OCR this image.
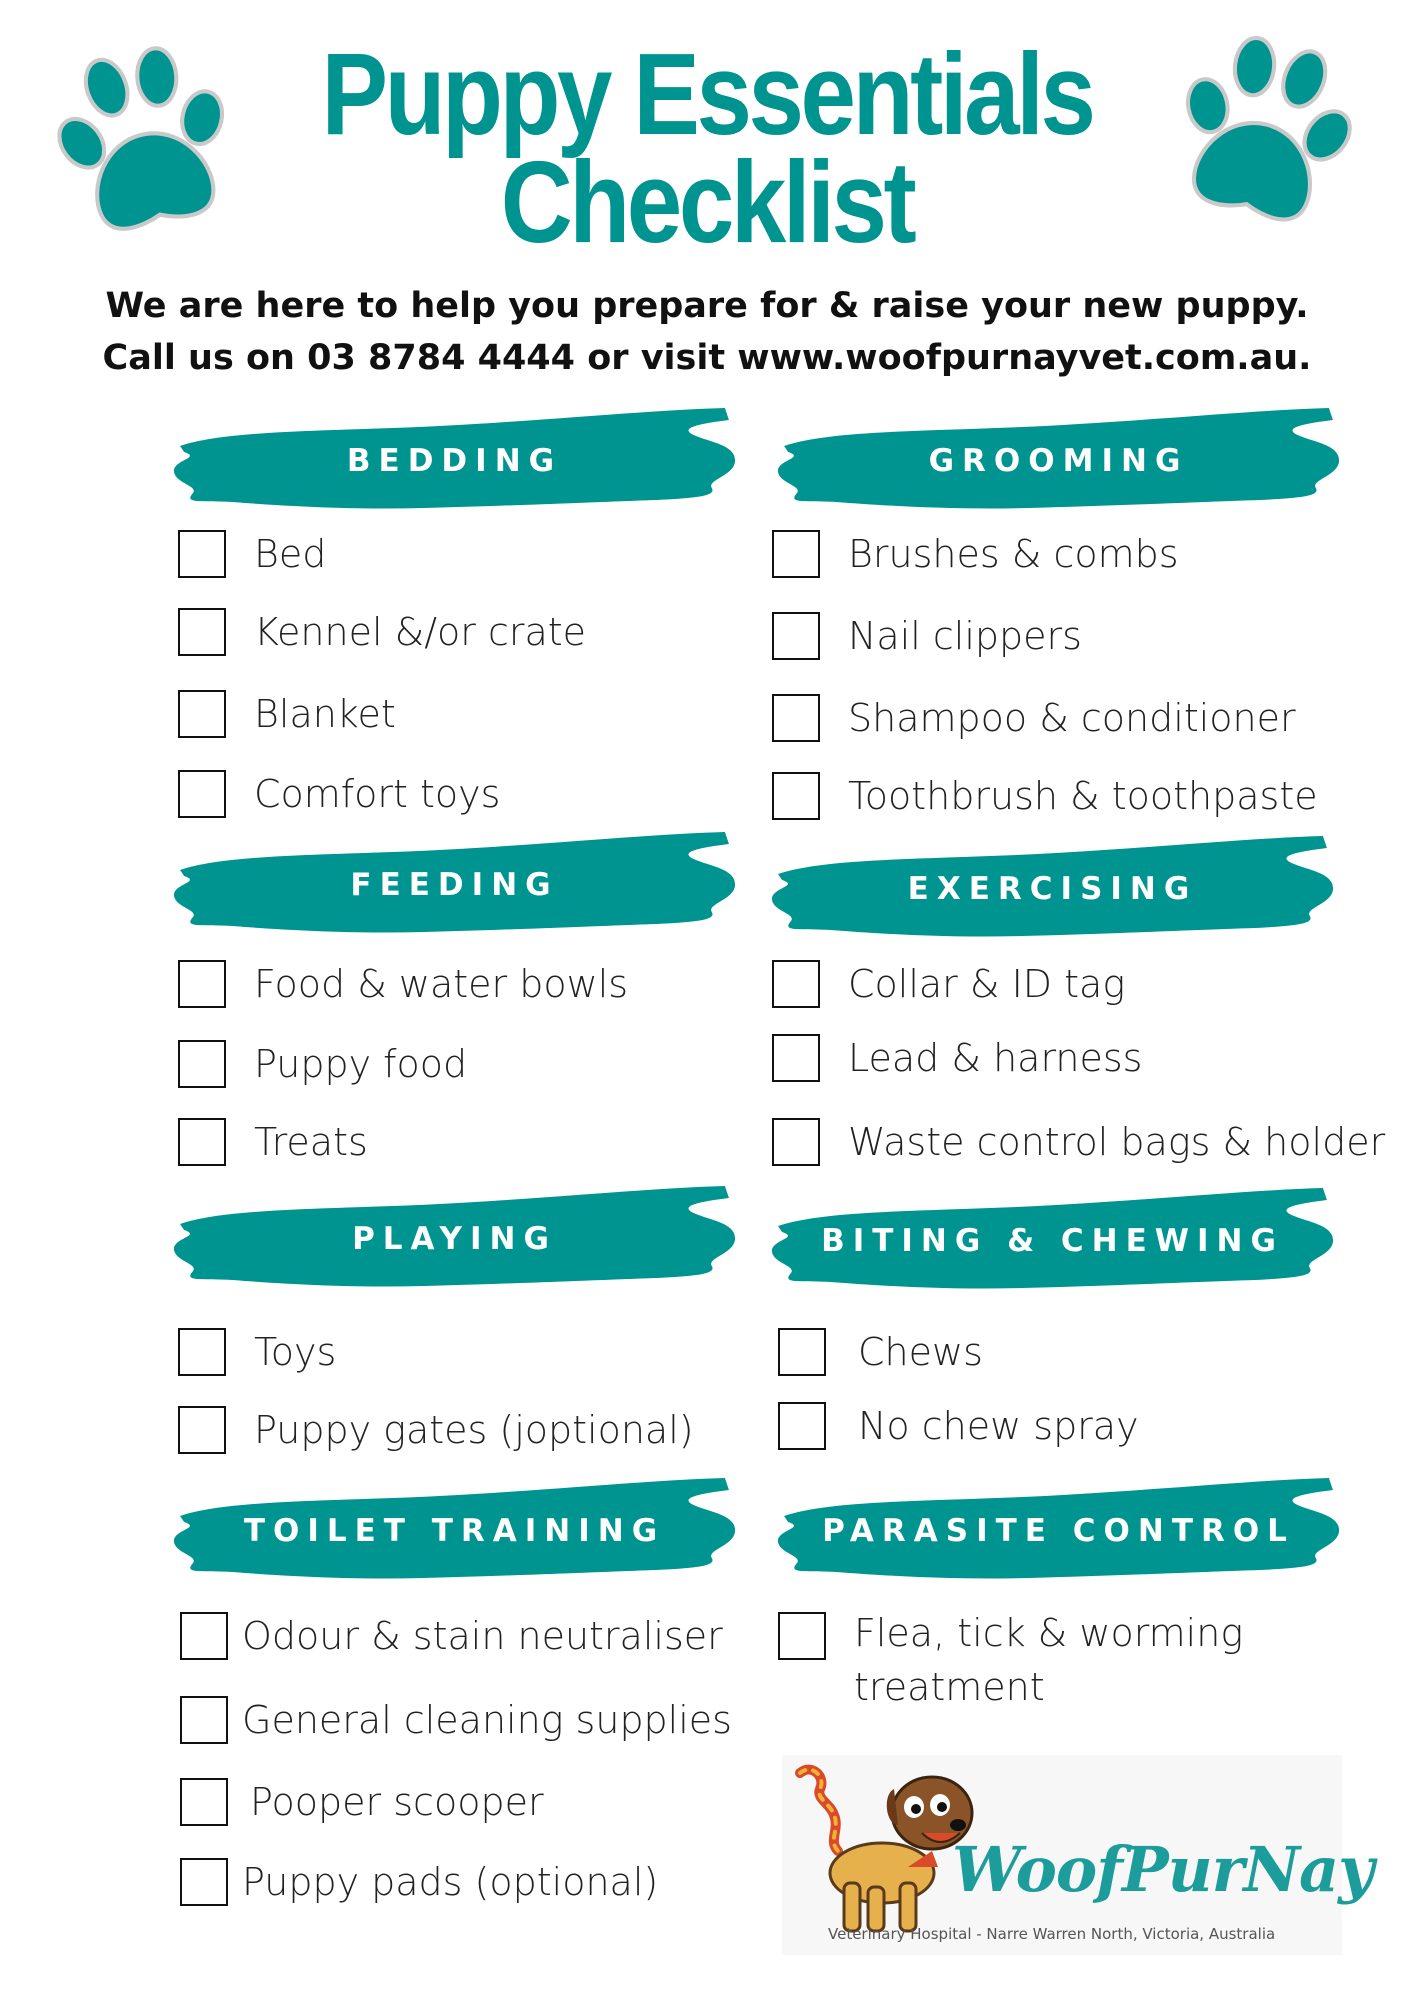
Puppy Essentials
Checklist
We are here to help you prepare for & raise your new puppy.
Call us on 03 8784 4444 or visit www.woofpurnayvet.com.au.
BEDDING
Bed
Kennel &/or crate
Blanket
Comfort toys
FEEDING
Food & water bowls
Puppy food
Treats
PLAYING
Toys
Puppy gates (joptional)
TOILET TRAINING
Odour & stain neutraliser
General cleaning supplies
Pooper scooper
Puppy pads (optional)
GROOMING
Brushes & combs
Nail clippers
Shampoo & conditioner
Toothbrush & toothpaste
EXERCISING
Collar & ID tag
Lead & harness
Waste control bags & holder
BITING & CHEWING
Chews
No chew spray
PARASITE CONTROL
Flea, tick & worming treatment
WoofPurNay
Veterinary Hospital - Narre Warren North, Victoria, Australia
